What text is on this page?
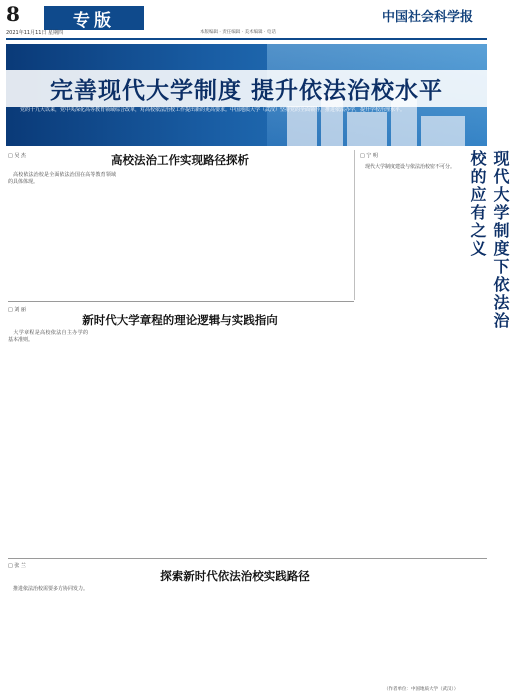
8	专版
2021年11月11日 星期四	本版编辑 · 责任编辑 · 美术编辑 · 电话
中国社会科学报
完善现代大学制度 提升依法治校水平
党的十九大以来，党中央深化高等教育领域综合改革，对高校依法治校工作提出新的更高要求。中国地质大学（武汉）坚持党的全面领导，推进依法办学，提升学校治理水平。
□ 吴 杰	高校法治工作实现路径探析
高校依法治校是全面依法治国在高等教育领域的具体体现。
□ 宁 明	现代大学制度下依法治校的应有之义
现代大学制度建设与依法治校密不可分。
□ 刘 丽
新时代大学章程的理论逻辑与实践指向
大学章程是高校依法自主办学的基本准则。
□ 张 兰
探索新时代依法治校实践路径
推进依法治校需要多方协同发力。
（作者单位：中国地质大学（武汉））
